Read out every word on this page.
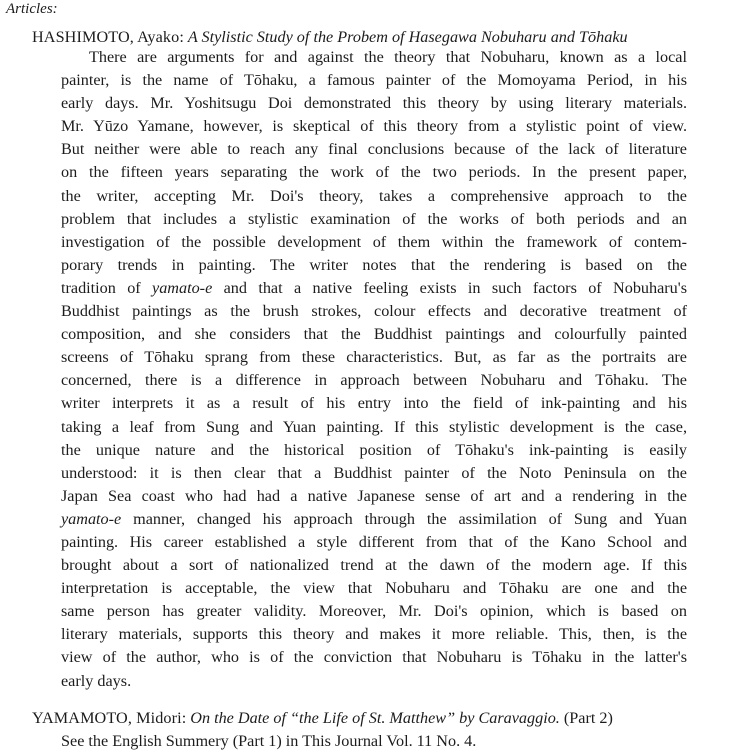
Articles:
HASHIMOTO, Ayako: A Stylistic Study of the Probem of Hasegawa Nobuharu and Tōhaku
There are arguments for and against the theory that Nobuharu, known as a local
painter, is the name of Tōhaku, a famous painter of the Momoyama Period, in his
early days. Mr. Yoshitsugu Doi demonstrated this theory by using literary materials.
Mr. Yūzo Yamane, however, is skeptical of this theory from a stylistic point of view.
But neither were able to reach any final conclusions because of the lack of literature
on the fifteen years separating the work of the two periods. In the present paper,
the writer, accepting Mr. Doi's theory, takes a comprehensive approach to the
problem that includes a stylistic examination of the works of both periods and an
investigation of the possible development of them within the framework of contem-
porary trends in painting. The writer notes that the rendering is based on the
tradition of yamato-e and that a native feeling exists in such factors of Nobuharu's
Buddhist paintings as the brush strokes, colour effects and decorative treatment of
composition, and she considers that the Buddhist paintings and colourfully painted
screens of Tōhaku sprang from these characteristics. But, as far as the portraits are
concerned, there is a difference in approach between Nobuharu and Tōhaku. The
writer interprets it as a result of his entry into the field of ink-painting and his
taking a leaf from Sung and Yuan painting. If this stylistic development is the case,
the unique nature and the historical position of Tōhaku's ink-painting is easily
understood: it is then clear that a Buddhist painter of the Noto Peninsula on the
Japan Sea coast who had had a native Japanese sense of art and a rendering in the
yamato-e manner, changed his approach through the assimilation of Sung and Yuan
painting. His career established a style different from that of the Kano School and
brought about a sort of nationalized trend at the dawn of the modern age. If this
interpretation is acceptable, the view that Nobuharu and Tōhaku are one and the
same person has greater validity. Moreover, Mr. Doi's opinion, which is based on
literary materials, supports this theory and makes it more reliable. This, then, is the
view of the author, who is of the conviction that Nobuharu is Tōhaku in the latter's
early days.
YAMAMOTO, Midori: On the Date of “the Life of St. Matthew” by Caravaggio. (Part 2)
See the English Summery (Part 1) in This Journal Vol. 11 No. 4.
